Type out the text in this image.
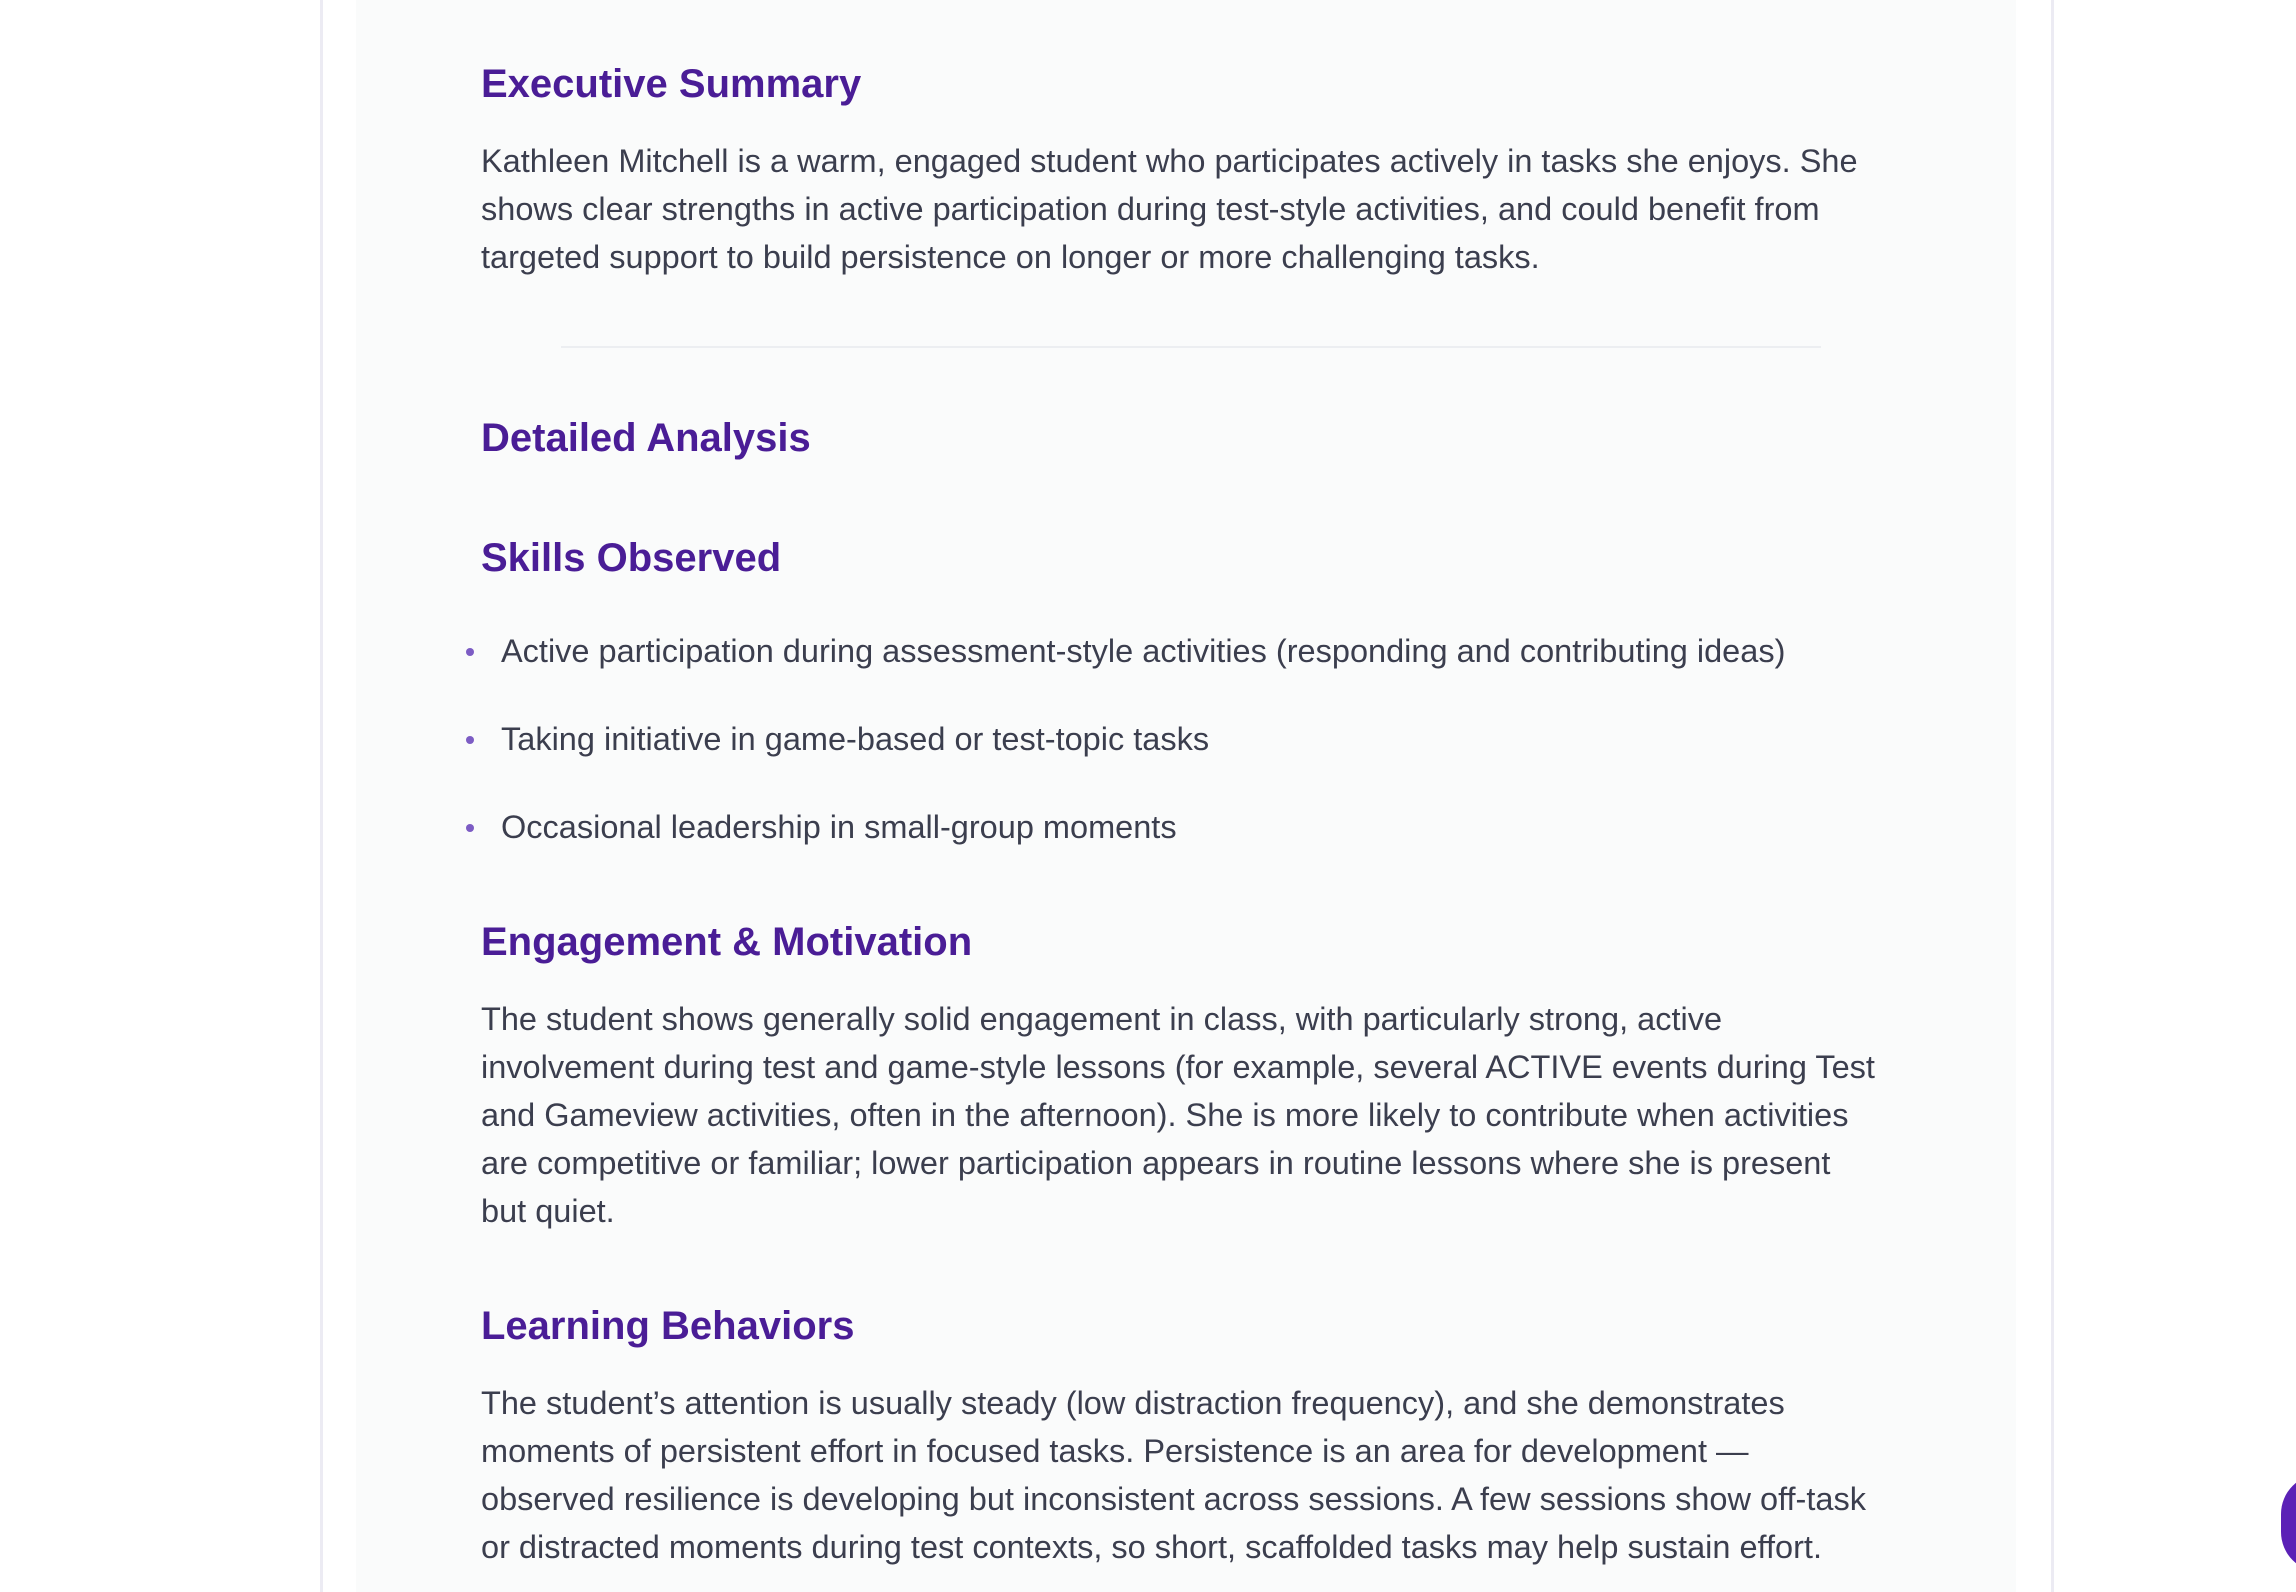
Executive Summary

Kathleen Mitchell is a warm, engaged student who participates actively in tasks she enjoys. She shows clear strengths in active participation during test-style activities, and could benefit from targeted support to build persistence on longer or more challenging tasks.

Detailed Analysis
Skills Observed
Active participation during assessment-style activities (responding and contributing ideas)
Taking initiative in game-based or test-topic tasks
Occasional leadership in small-group moments
Engagement & Motivation

The student shows generally solid engagement in class, with particularly strong, active involvement during test and game-style lessons (for example, several ACTIVE events during Test and Gameview activities, often in the afternoon). She is more likely to contribute when activities are competitive or familiar; lower participation appears in routine lessons where she is present but quiet.

Learning Behaviors

The student’s attention is usually steady (low distraction frequency), and she demonstrates moments of persistent effort in focused tasks. Persistence is an area for development — observed resilience is developing but inconsistent across sessions. A few sessions show off-task or distracted moments during test contexts, so short, scaffolded tasks may help sustain effort.
